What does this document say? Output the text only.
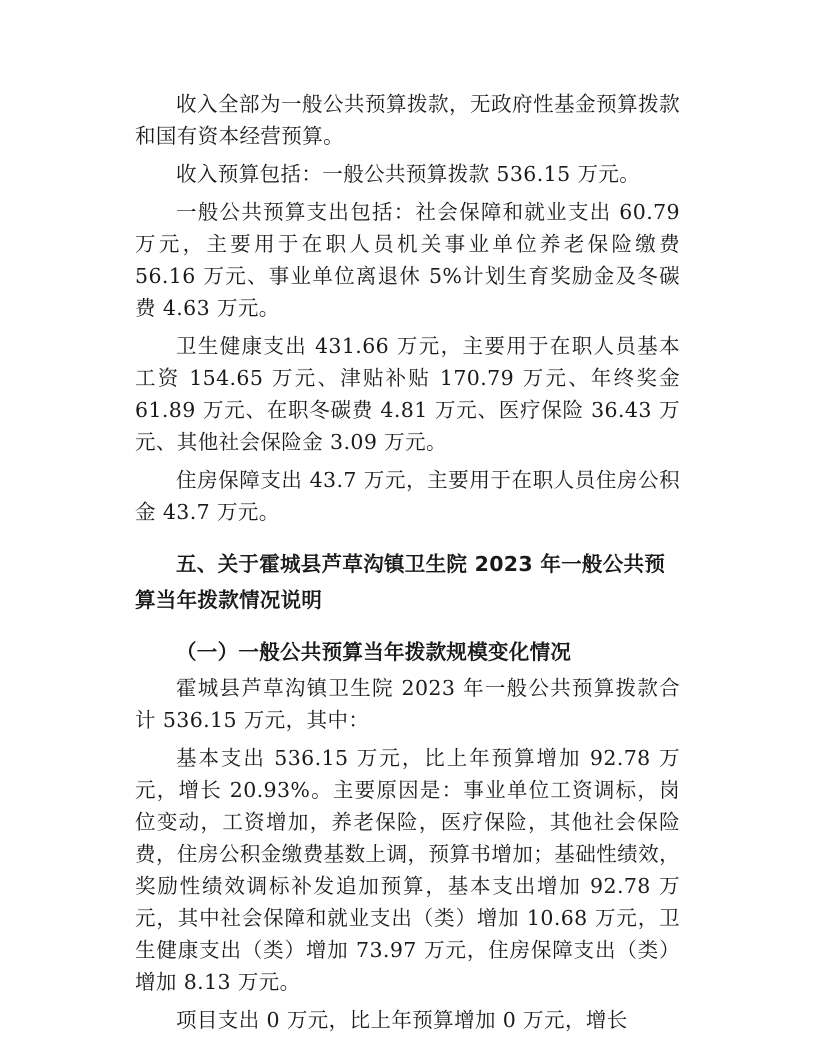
收入全部为一般公共预算拨款，无政府性基金预算拨款和国有资本经营预算。

收入预算包括：一般公共预算拨款 536.15 万元。

一般公共预算支出包括：社会保障和就业支出 60.79 万元，主要用于在职人员机关事业单位养老保险缴费 56.16 万元、事业单位离退休 5%计划生育奖励金及冬碳费 4.63 万元。

卫生健康支出 431.66 万元，主要用于在职人员基本工资 154.65 万元、津贴补贴 170.79 万元、年终奖金 61.89 万元、在职冬碳费 4.81 万元、医疗保险 36.43 万元、其他社会保险金 3.09 万元。

住房保障支出 43.7 万元，主要用于在职人员住房公积金 43.7 万元。

五、关于霍城县芦草沟镇卫生院 2023 年一般公共预算当年拨款情况说明
（一）一般公共预算当年拨款规模变化情况

霍城县芦草沟镇卫生院 2023 年一般公共预算拨款合计 536.15 万元，其中：

基本支出 536.15 万元，比上年预算增加 92.78 万元，增长 20.93%。主要原因是：事业单位工资调标，岗位变动，工资增加，养老保险，医疗保险，其他社会保险费，住房公积金缴费基数上调，预算书增加；基础性绩效，奖励性绩效调标补发追加预算，基本支出增加 92.78 万元，其中社会保障和就业支出（类）增加 10.68 万元，卫生健康支出（类）增加 73.97 万元，住房保障支出（类）增加 8.13 万元。

项目支出 0 万元，比上年预算增加 0 万元，增长
